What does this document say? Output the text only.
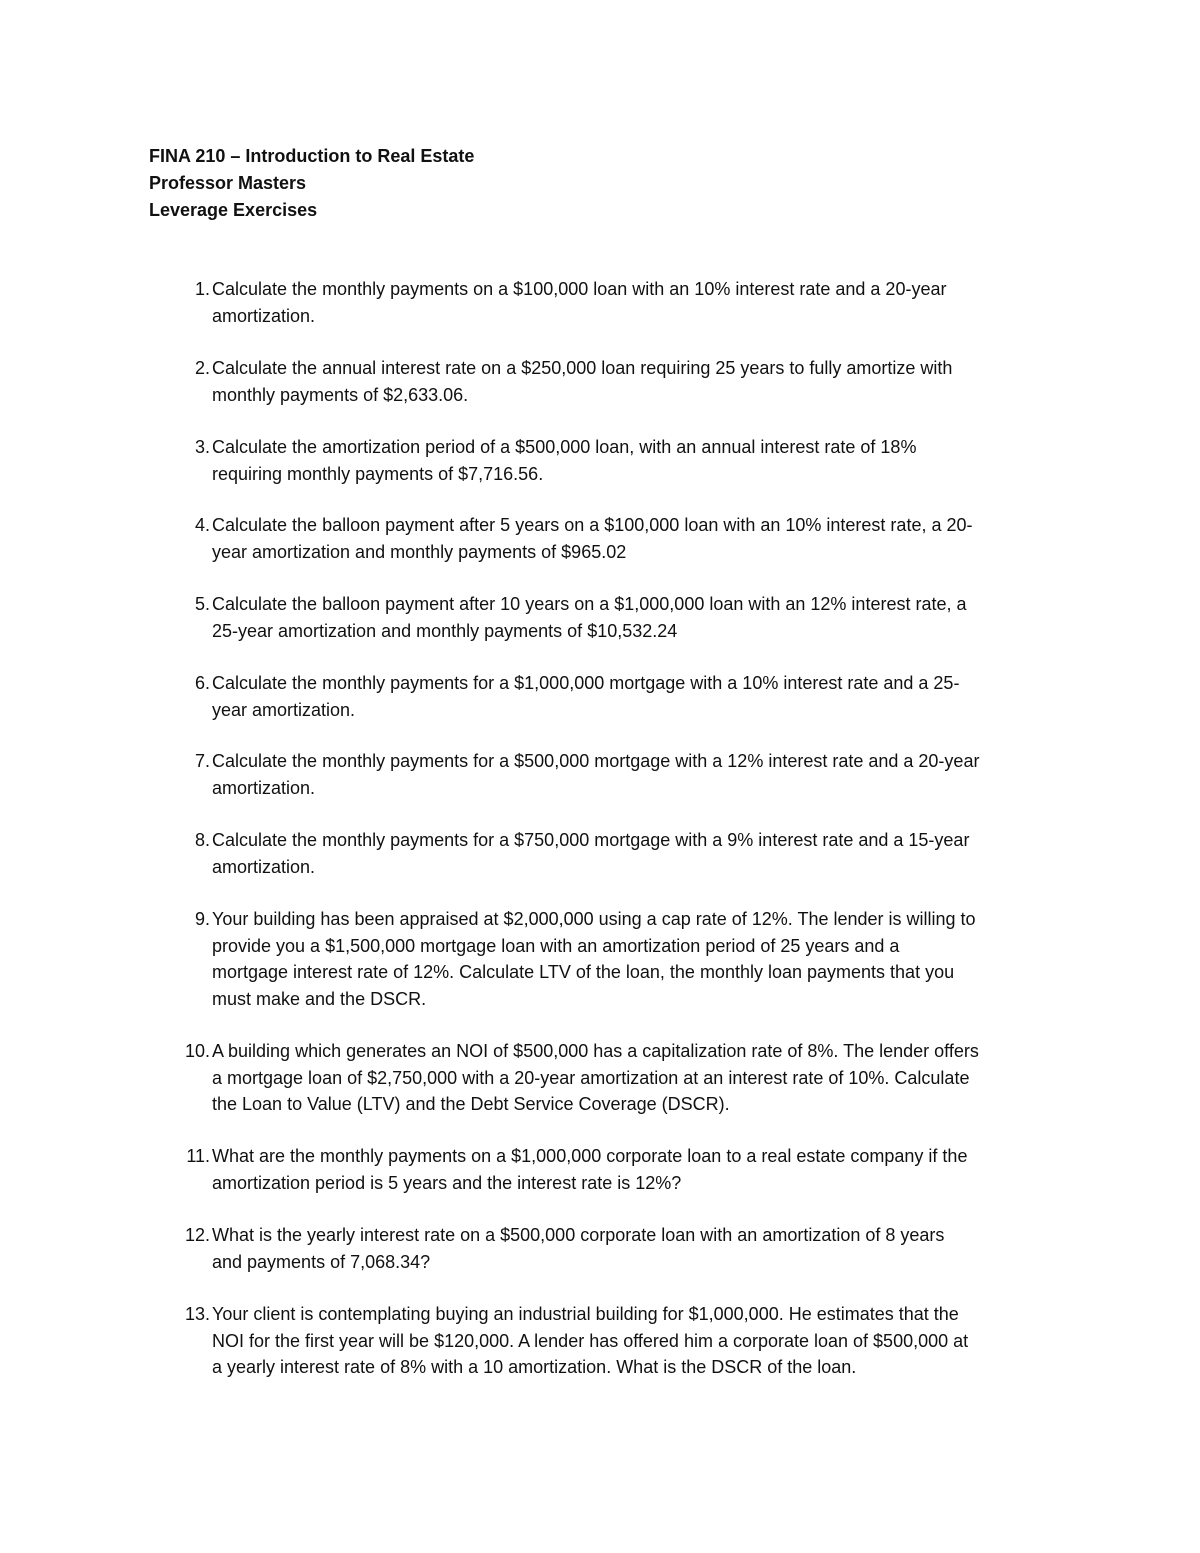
FINA 210 – Introduction to Real Estate
Professor Masters
Leverage Exercises
1. Calculate the monthly payments on a $100,000 loan with an 10% interest rate and a 20-year
amortization.
2. Calculate the annual interest rate on a $250,000 loan requiring 25 years to fully amortize with
monthly payments of $2,633.06.
3. Calculate the amortization period of a $500,000 loan, with an annual interest rate of 18%
requiring monthly payments of $7,716.56.
4. Calculate the balloon payment after 5 years on a $100,000 loan with an 10% interest rate, a 20-
year amortization and monthly payments of $965.02
5. Calculate the balloon payment after 10 years on a $1,000,000 loan with an 12% interest rate, a
25-year amortization and monthly payments of $10,532.24
6. Calculate the monthly payments for a $1,000,000 mortgage with a 10% interest rate and a 25-
year amortization.
7. Calculate the monthly payments for a $500,000 mortgage with a 12% interest rate and a 20-year
amortization.
8. Calculate the monthly payments for a $750,000 mortgage with a 9% interest rate and a 15-year
amortization.
9. Your building has been appraised at $2,000,000 using a cap rate of 12%. The lender is willing to
provide you a $1,500,000 mortgage loan with an amortization period of 25 years and a
mortgage interest rate of 12%. Calculate LTV of the loan, the monthly loan payments that you
must make and the DSCR.
10. A building which generates an NOI of $500,000 has a capitalization rate of 8%. The lender offers
a mortgage loan of $2,750,000 with a 20-year amortization at an interest rate of 10%. Calculate
the Loan to Value (LTV) and the Debt Service Coverage (DSCR).
11. What are the monthly payments on a $1,000,000 corporate loan to a real estate company if the
amortization period is 5 years and the interest rate is 12%?
12. What is the yearly interest rate on a $500,000 corporate loan with an amortization of 8 years
and payments of 7,068.34?
13. Your client is contemplating buying an industrial building for $1,000,000. He estimates that the
NOI for the first year will be $120,000. A lender has offered him a corporate loan of $500,000 at
a yearly interest rate of 8% with a 10 amortization. What is the DSCR of the loan.
